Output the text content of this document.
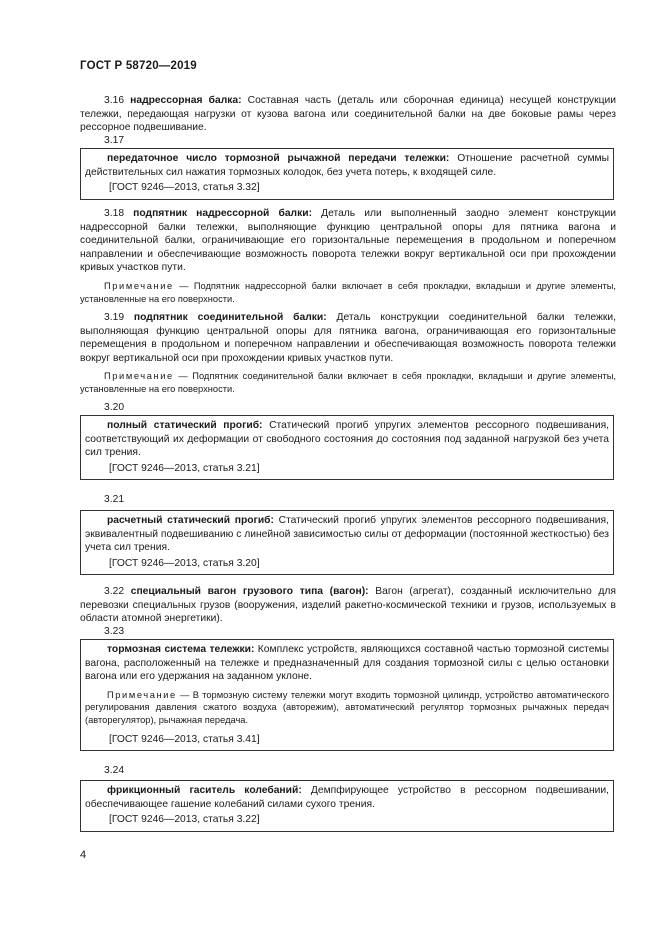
ГОСТ Р 58720—2019
3.16 надрессорная балка: Составная часть (деталь или сборочная единица) несущей конструкции тележки, передающая нагрузки от кузова вагона или соединительной балки на две боковые рамы через рессорное подвешивание.
3.17
передаточное число тормозной рычажной передачи тележки: Отношение расчетной суммы действительных сил нажатия тормозных колодок, без учета потерь, к входящей силе.
[ГОСТ 9246—2013, статья 3.32]
3.18 подпятник надрессорной балки: Деталь или выполненный заодно элемент конструкции надрессорной балки тележки, выполняющие функцию центральной опоры для пятника вагона и соединительной балки, ограничивающие его горизонтальные перемещения в продольном и поперечном направлении и обеспечивающие возможность поворота тележки вокруг вертикальной оси при прохождении кривых участков пути.
Примечание — Подпятник надрессорной балки включает в себя прокладки, вкладыши и другие элементы, установленные на его поверхности.
3.19 подпятник соединительной балки: Деталь конструкции соединительной балки тележки, выполняющая функцию центральной опоры для пятника вагона, ограничивающая его горизонтальные перемещения в продольном и поперечном направлении и обеспечивающая возможность поворота тележки вокруг вертикальной оси при прохождении кривых участков пути.
Примечание — Подпятник соединительной балки включает в себя прокладки, вкладыши и другие элементы, установленные на его поверхности.
3.20
полный статический прогиб: Статический прогиб упругих элементов рессорного подвешивания, соответствующий их деформации от свободного состояния до состояния под заданной нагрузкой без учета сил трения.
[ГОСТ 9246—2013, статья 3.21]
3.21
расчетный статический прогиб: Статический прогиб упругих элементов рессорного подвешивания, эквивалентный подвешиванию с линейной зависимостью силы от деформации (постоянной жесткостью) без учета сил трения.
[ГОСТ 9246—2013, статья 3.20]
3.22 специальный вагон грузового типа (вагон): Вагон (агрегат), созданный исключительно для перевозки специальных грузов (вооружения, изделий ракетно-космической техники и грузов, используемых в области атомной энергетики).
3.23
тормозная система тележки: Комплекс устройств, являющихся составной частью тормозной системы вагона, расположенный на тележке и предназначенный для создания тормозной силы с целью остановки вагона или его удержания на заданном уклоне.
Примечание — В тормозную систему тележки могут входить тормозной цилиндр, устройство автоматического регулирования давления сжатого воздуха (авторежим), автоматический регулятор тормозных рычажных передач (авторегулятор), рычажная передача.
[ГОСТ 9246—2013, статья 3.41]
3.24
фрикционный гаситель колебаний: Демпфирующее устройство в рессорном подвешивании, обеспечивающее гашение колебаний силами сухого трения.
[ГОСТ 9246—2013, статья 3.22]
4
